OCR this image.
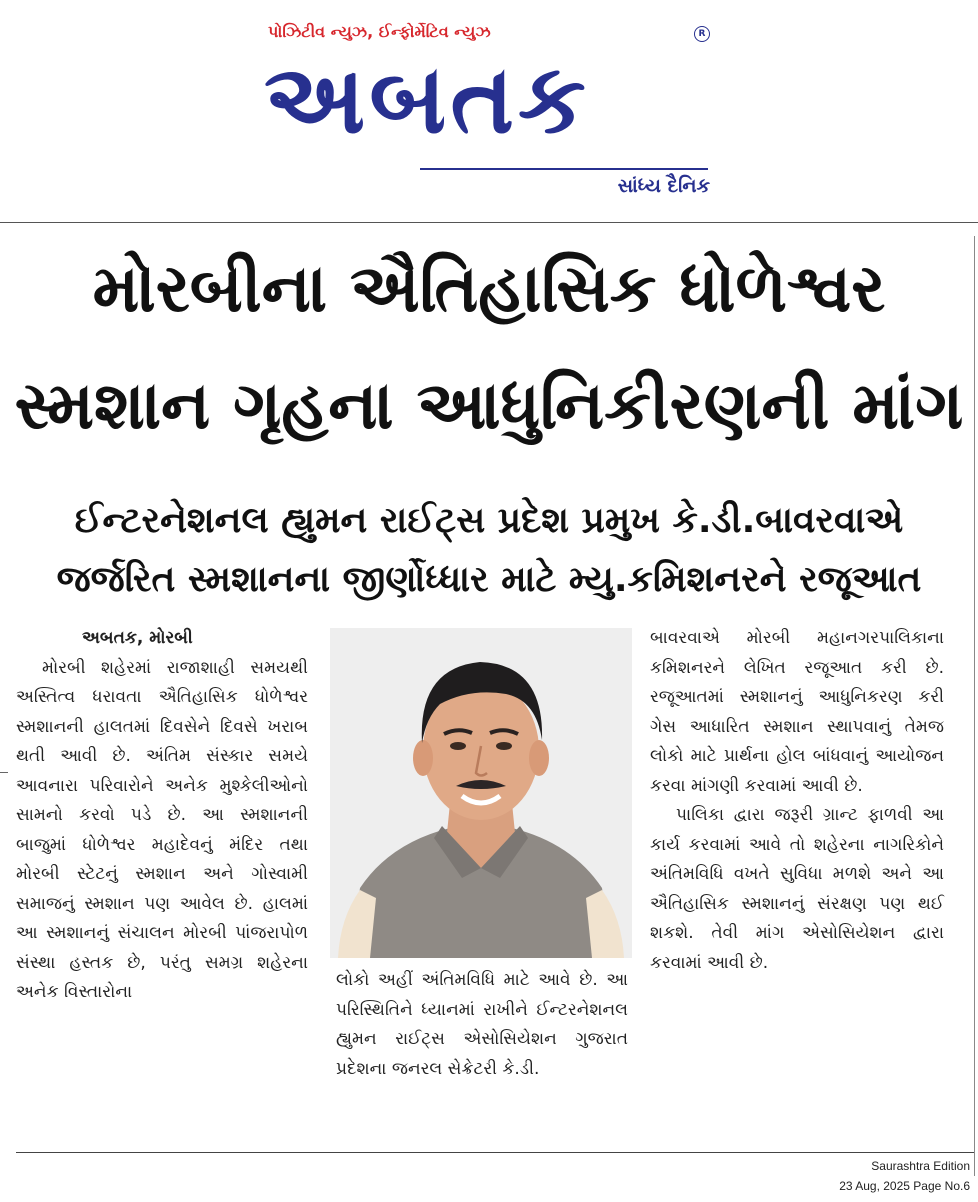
પોઝિટીવ ન્યુઝ, ઈન્ફોર્મેટિવ ન્યુઝ
અબતક
R
સાંધ્ય દૈનિક
મોરબીના ઐતિહાસિક ધોળેશ્વર
સ્મશાન ગૃહના આધુનિકીરણની માંગ
ઈન્ટરનેશનલ હ્યુમન રાઈટ્સ પ્રદેશ પ્રમુખ કે.ડી.બાવરવાએ
જર્જરિત સ્મશાનના જીર્ણોધ્ધાર માટે મ્યુ.કમિશનરને રજૂઆત

અબતક, મોરબી

મોરબી શહેરમાં રાજાશાહી સમયથી અસ્તિત્વ ધરાવતા ઐતિહાસિક ધોળેશ્વર સ્મશાનની હાલતમાં દિવસેને દિવસે ખરાબ થતી આવી છે. અંતિમ સંસ્કાર સમયે આવનારા પરિવારોને અનેક મુશ્કેલીઓનો સામનો કરવો પડે છે. આ સ્મશાનની બાજુમાં ધોળેશ્વર મહાદેવનું મંદિર તથા મોરબી સ્ટેટનું સ્મશાન અને ગોસ્વામી સમાજનું સ્મશાન પણ આવેલ છે. હાલમાં આ સ્મશાનનું સંચાલન મોરબી પાંજરાપોળ સંસ્થા હસ્તક છે, પરંતુ સમગ્ર શહેરના અનેક વિસ્તારોના

લોકો અહીં અંતિમવિધિ માટે આવે છે. આ પરિસ્થિતિને ધ્યાનમાં રાખીને ઈન્ટરનેશનલ હ્યુમન રાઈટ્સ એસોસિયેશન ગુજરાત પ્રદેશના જનરલ સેક્રેટરી કે.ડી.

બાવરવાએ મોરબી મહાનગરપાલિકાના કમિશનરને લેખિત રજૂઆત કરી છે. રજૂઆતમાં સ્મશાનનું આધુનિકરણ કરી ગેસ આધારિત સ્મશાન સ્થાપવાનું તેમજ લોકો માટે પ્રાર્થના હોલ બાંધવાનું આયોજન કરવા માંગણી કરવામાં આવી છે.

પાલિકા દ્વારા જરૂરી ગ્રાન્ટ ફાળવી આ કાર્ય કરવામાં આવે તો શહેરના નાગરિકોને અંતિમવિધિ વખતે સુવિધા મળશે અને આ ઐતિહાસિક સ્મશાનનું સંરક્ષણ પણ થઈ શકશે. તેવી માંગ એસોસિયેશન દ્વારા કરવામાં આવી છે.

Saurashtra Edition
23 Aug, 2025 Page No.6
